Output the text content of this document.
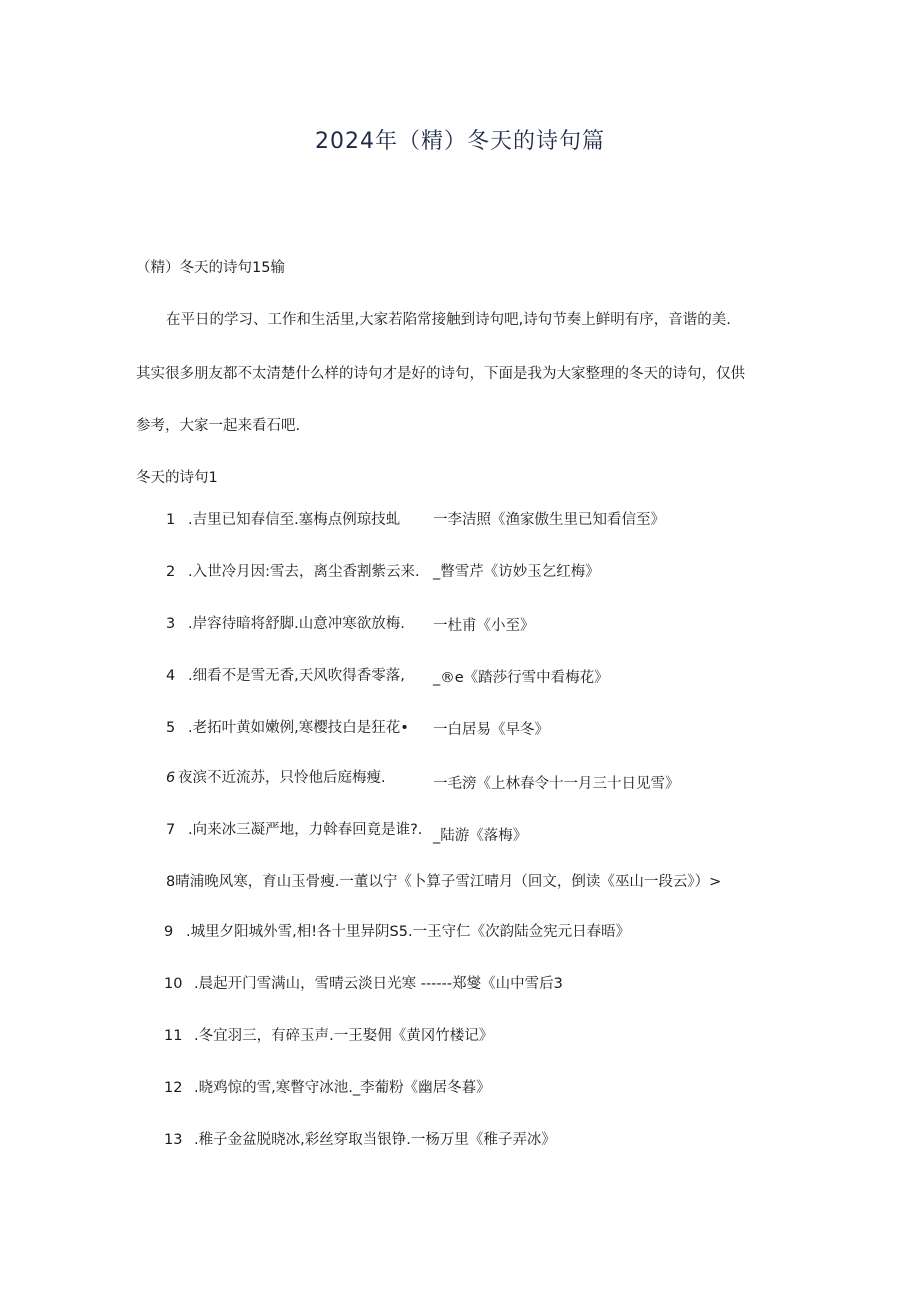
2024年（精）冬天的诗句篇
（精）冬天的诗句15输
在平日的学习、工作和生活里,大家若陷常接触到诗句吧,诗句节奏上鲜明有序，音谐的美.
其实很多朋友都不太清楚什么样的诗句才是好的诗句，下面是我为大家整理的冬天的诗句，仅供
参考，大家一起来看石吧.
冬天的诗句1
1 .吉里已知春信至.塞梅点例琼技虬 一李洁照《渔家傲生里已知看信至》
2 .入世冷月因:雪去，离尘香割紫云来. _瞥雪芹《访妙玉乞红梅》
3 .岸容待暗将舒脚.山意冲寒欲放梅. 一杜甫《小至》
4 .细看不是雪无香,天风吹得香零落, _®e《踏莎行雪中看梅花》
5 .老拓叶黄如嫩例,寒樱技白是狂花• 一白居易《早冬》
6 夜滨不近流苏，只怜他后庭梅瘦.	一毛滂《上林春令十一月三十日见雪》
7 .向来冰三凝严地，力斡春回竟是谁?. _陆游《落梅》
8晴浦晚风寒，育山玉骨瘦.一董以宁《卜算子雪江晴月（回文，倒读《巫山一段云》）>
9 .城里夕阳城外雪,相!各十里异阴S5.一王守仁《次韵陆佥宪元日春晤》
10 .晨起开门雪满山，雪晴云淡日光寒 ------郑燮《山中雪后3
11 .冬宜羽三，有碎玉声.一王娶佣《黄冈竹楼记》
12 .晓鸡惊的雪,寒瞥守冰池._李葡粉《幽居冬暮》
13 .稚子金盆脱晓冰,彩丝穿取当银铮.一杨万里《稚子弄冰》
